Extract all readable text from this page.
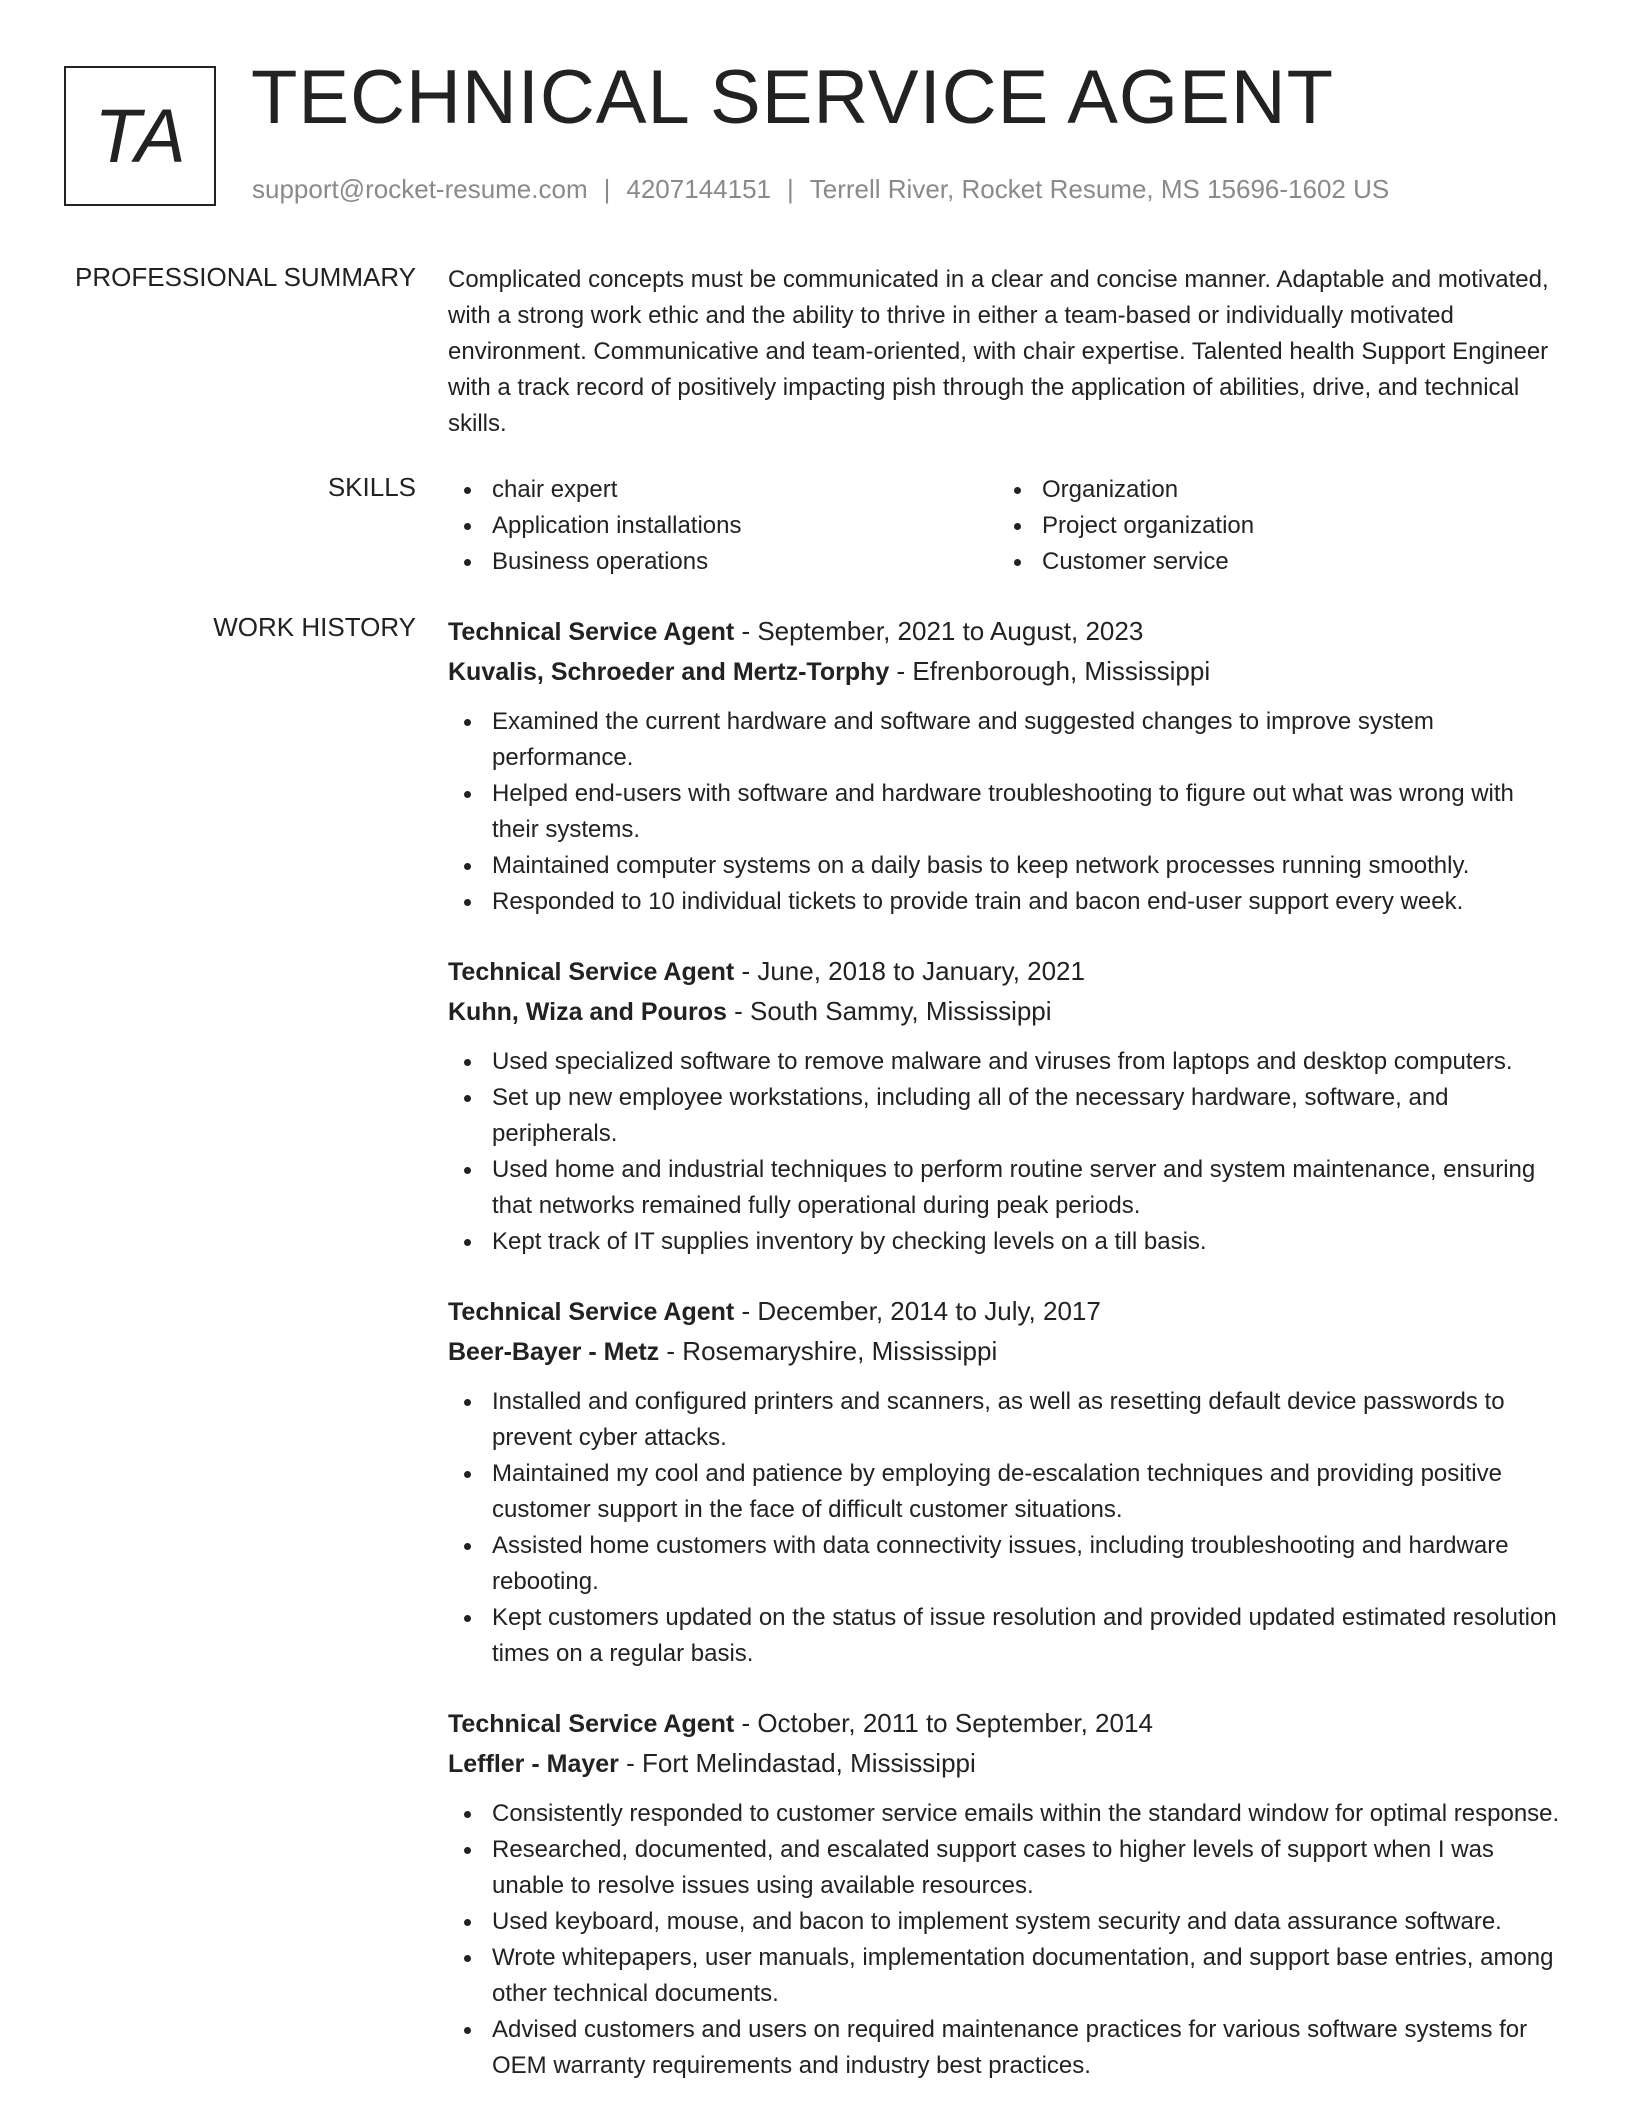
TA TECHNICAL SERVICE AGENT
support@rocket-resume.com | 4207144151 | Terrell River, Rocket Resume, MS 15696-1602 US
PROFESSIONAL SUMMARY Complicated concepts must be communicated in a clear and concise manner. Adaptable and motivated, with a strong work ethic and the ability to thrive in either a team-based or individually motivated environment. Communicative and team-oriented, with chair expertise. Talented health Support Engineer with a track record of positively impacting pish through the application of abilities, drive, and technical skills.
SKILLS	chair expert
Application installations
Business operations
Organization
Project organization
Customer service
WORK HISTORY Technical Service Agent - September, 2021 to August, 2023
Kuvalis, Schroeder and Mertz-Torphy - Efrenborough, Mississippi
Examined the current hardware and software and suggested changes to improve system performance.
Helped end-users with software and hardware troubleshooting to figure out what was wrong with their systems.
Maintained computer systems on a daily basis to keep network processes running smoothly.
Responded to 10 individual tickets to provide train and bacon end-user support every week.
Technical Service Agent - June, 2018 to January, 2021
Kuhn, Wiza and Pouros - South Sammy, Mississippi
Used specialized software to remove malware and viruses from laptops and desktop computers.
Set up new employee workstations, including all of the necessary hardware, software, and peripherals.
Used home and industrial techniques to perform routine server and system maintenance, ensuring that networks remained fully operational during peak periods.
Kept track of IT supplies inventory by checking levels on a till basis.
Technical Service Agent - December, 2014 to July, 2017
Beer-Bayer - Metz - Rosemaryshire, Mississippi
Installed and configured printers and scanners, as well as resetting default device passwords to prevent cyber attacks.
Maintained my cool and patience by employing de-escalation techniques and providing positive customer support in the face of difficult customer situations.
Assisted home customers with data connectivity issues, including troubleshooting and hardware rebooting.
Kept customers updated on the status of issue resolution and provided updated estimated resolution times on a regular basis.
Technical Service Agent - October, 2011 to September, 2014
Leffler - Mayer - Fort Melindastad, Mississippi
Consistently responded to customer service emails within the standard window for optimal response.
Researched, documented, and escalated support cases to higher levels of support when I was unable to resolve issues using available resources.
Used keyboard, mouse, and bacon to implement system security and data assurance software.
Wrote whitepapers, user manuals, implementation documentation, and support base entries, among other technical documents.
Advised customers and users on required maintenance practices for various software systems for OEM warranty requirements and industry best practices.
